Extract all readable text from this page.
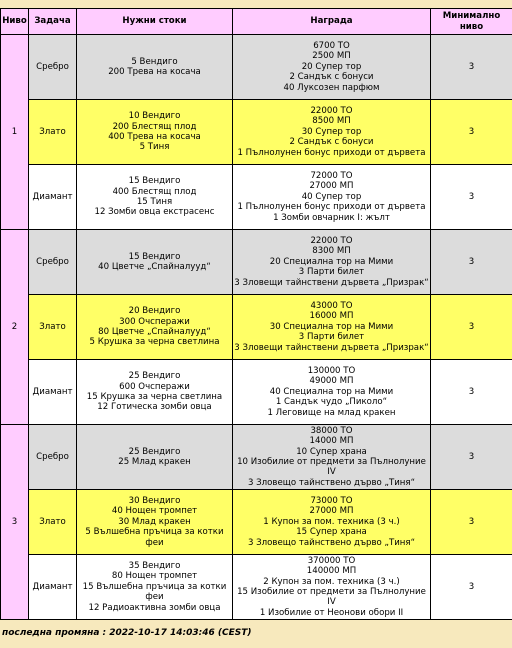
Ниво	Задача	Нужни стоки	Награда	Минимално ниво
1	Сребро	5 Вендиго
200 Трева на косача	6700 ТО
2500 МП
20 Супер тор
2 Сандък с бонуси
40 Луксозен парфюм	3
	Злато	10 Вендиго
200 Блестящ плод
400 Трева на косача
5 Тиня	22000 ТО
8500 МП
30 Супер тор
2 Сандък с бонуси
1 Пълнолунен бонус приходи от дървета	3
	Диамант	15 Вендиго
400 Блестящ плод
15 Тиня
12 Зомби овца екстрасенс	72000 ТО
27000 МП
40 Супер тор
1 Пълнолунен бонус приходи от дървета
1 Зомби овчарник I: жълт	3
2	Сребро	15 Вендиго
40 Цветче „Спайналууд“	22000 ТО
8300 МП
20 Специална тор на Мими
3 Парти билет
3 Зловещи тайнствени дървета „Призрак“	3
	Злато	20 Вендиго
300 Очсперажи
80 Цветче „Спайналууд“
5 Крушка за черна светлина	43000 ТО
16000 МП
30 Специална тор на Мими
3 Парти билет
3 Зловещи тайнствени дървета „Призрак“	3
	Диамант	25 Вендиго
600 Очсперажи
15 Крушка за черна светлина
12 Готическа зомби овца	130000 ТО
49000 МП
40 Специална тор на Мими
1 Сандък чудо „Пиколо“
1 Леговище на млад кракен	3
3	Сребро	25 Вендиго
25 Млад кракен	38000 ТО
14000 МП
10 Супер храна
10 Изобилие от предмети за Пълнолуние IV
3 Зловещо тайнствено дърво „Тиня“	3
	Злато	30 Вендиго
40 Нощен тромпет
30 Млад кракен
5 Вълшебна пръчица за котки феи	73000 ТО
27000 МП
1 Купон за пом. техника (3 ч.)
15 Супер храна
3 Зловещо тайнствено дърво „Тиня“	3
	Диамант	35 Вендиго
80 Нощен тромпет
15 Вълшебна пръчица за котки феи
12 Радиоактивна зомби овца	370000 ТО
140000 МП
2 Купон за пом. техника (3 ч.)
15 Изобилие от предмети за Пълнолуние IV
1 Изобилие от Неонови обори II	3
последна промяна : 2022-10-17 14:03:46 (CEST)
